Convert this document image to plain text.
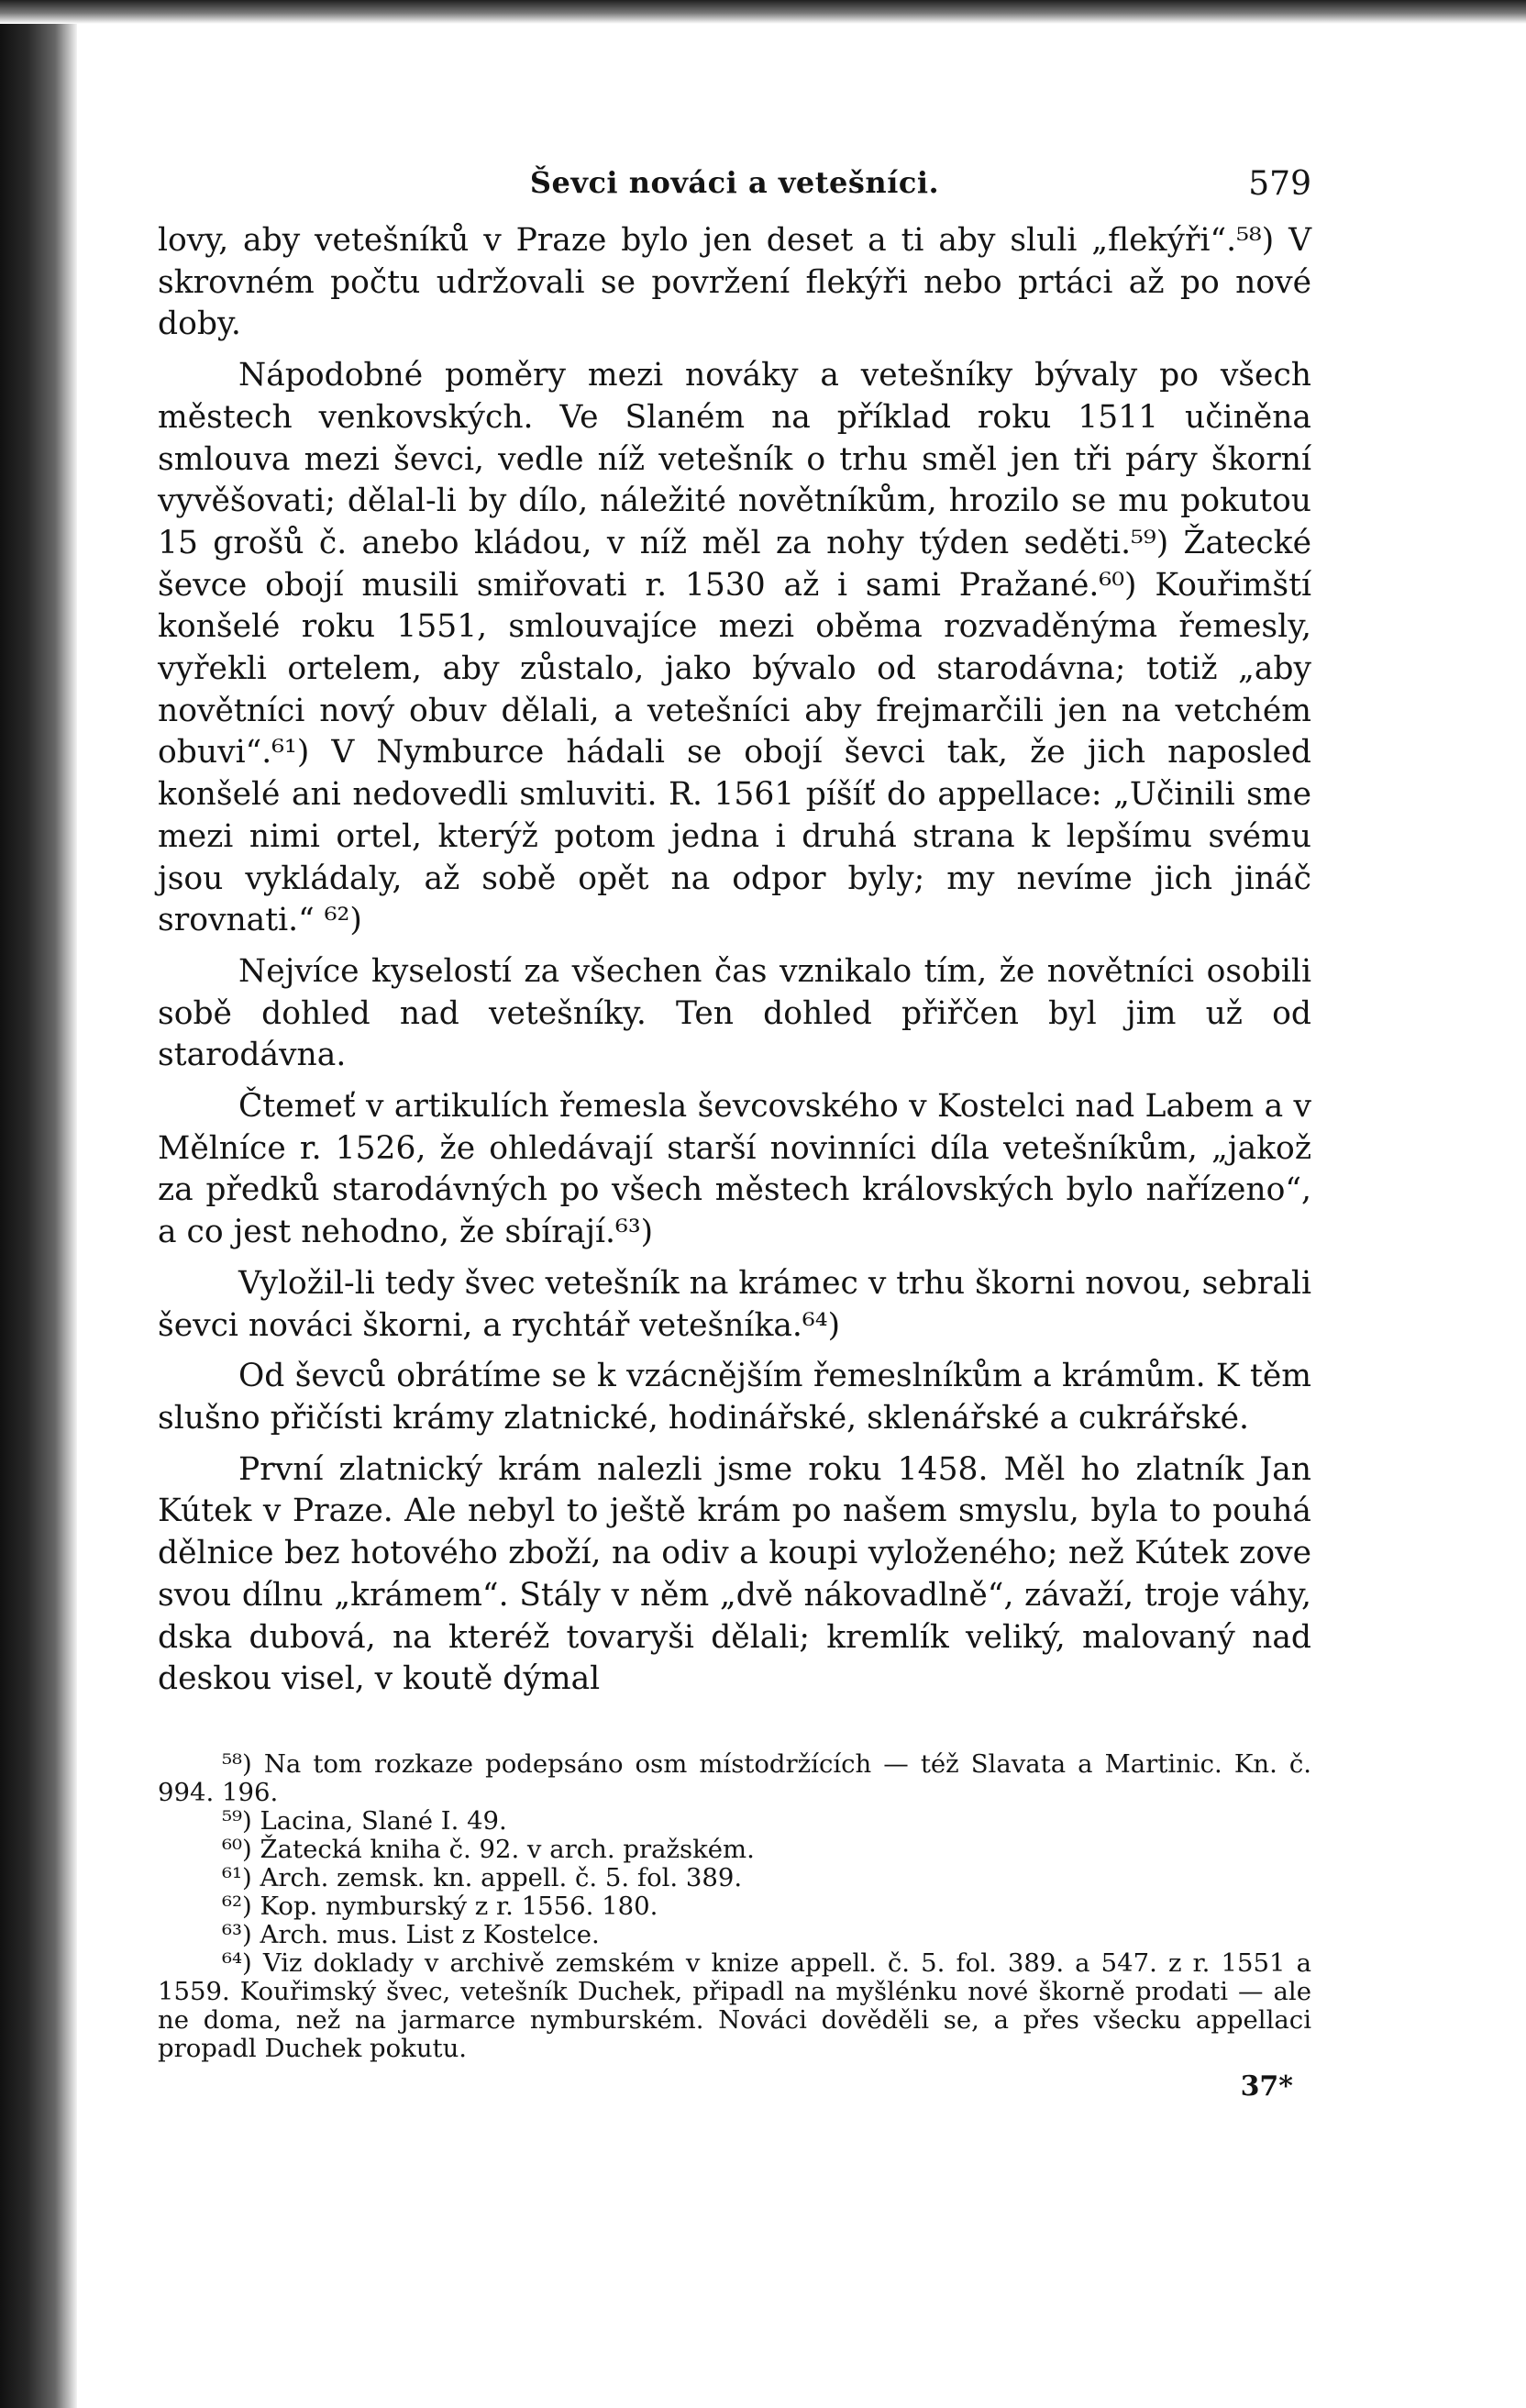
Ševci nováci a vetešníci.	579

lovy, aby vetešníků v Praze bylo jen deset a ti aby sluli „flekýři“.⁵⁸) V skrovném počtu udržovali se povržení flekýři nebo prtáci až po nové doby.

Nápodobné poměry mezi nováky a vetešníky bývaly po všech městech venkovských. Ve Slaném na příklad roku 1511 učiněna smlouva mezi ševci, vedle níž vetešník o trhu směl jen tři páry škorní vyvěšovati; dělal-li by dílo, náležité novětníkům, hrozilo se mu pokutou 15 grošů č. anebo kládou, v níž měl za nohy týden seděti.⁵⁹) Žatecké ševce obojí musili smiřovati r. 1530 až i sami Pražané.⁶⁰) Kouřimští konšelé roku 1551, smlouvajíce mezi oběma rozvaděnýma řemesly, vyřekli ortelem, aby zůstalo, jako bývalo od starodávna; totiž „aby novětníci nový obuv dělali, a vetešníci aby frejmarčili jen na vetchém obuvi“.⁶¹) V Nymburce hádali se obojí ševci tak, že jich naposled konšelé ani nedovedli smluviti. R. 1561 píšíť do appellace: „Učinili sme mezi nimi ortel, kterýž potom jedna i druhá strana k lepšímu svému jsou vykládaly, až sobě opět na odpor byly; my nevíme jich jináč srovnati.“ ⁶²)

Nejvíce kyselostí za všechen čas vznikalo tím, že novětníci osobili sobě dohled nad vetešníky. Ten dohled přiřčen byl jim už od starodávna.

Čtemeť v artikulích řemesla ševcovského v Kostelci nad Labem a v Mělníce r. 1526, že ohledávají starší novinníci díla vetešníkům, „jakož za předků starodávných po všech městech královských bylo nařízeno“, a co jest nehodno, že sbírají.⁶³)

Vyložil-li tedy švec vetešník na krámec v trhu škorni novou, sebrali ševci nováci škorni, a rychtář vetešníka.⁶⁴)

Od ševců obrátíme se k vzácnějším řemeslníkům a krámům. K těm slušno přičísti krámy zlatnické, hodinářské, sklenářské a cukrářské.

První zlatnický krám nalezli jsme roku 1458. Měl ho zlatník Jan Kútek v Praze. Ale nebyl to ještě krám po našem smyslu, byla to pouhá dělnice bez hotového zboží, na odiv a koupi vyloženého; než Kútek zove svou dílnu „krámem“. Stály v něm „dvě nákovadlně“, závaží, troje váhy, dska dubová, na kteréž tovaryši dělali; kremlík veliký, malovaný nad deskou visel, v koutě dýmal

⁵⁸) Na tom rozkaze podepsáno osm místodržících — též Slavata a Martinic. Kn. č. 994. 196.

⁵⁹) Lacina, Slané I. 49.

⁶⁰) Žatecká kniha č. 92. v arch. pražském.

⁶¹) Arch. zemsk. kn. appell. č. 5. fol. 389.

⁶²) Kop. nymburský z r. 1556. 180.

⁶³) Arch. mus. List z Kostelce.

⁶⁴) Viz doklady v archivě zemském v knize appell. č. 5. fol. 389. a 547. z r. 1551 a 1559. Kouřimský švec, vetešník Duchek, připadl na myšlénku nové škorně prodati — ale ne doma, než na jarmarce nymburském. Nováci dověděli se, a přes všecku appellaci propadl Duchek pokutu.

37*
